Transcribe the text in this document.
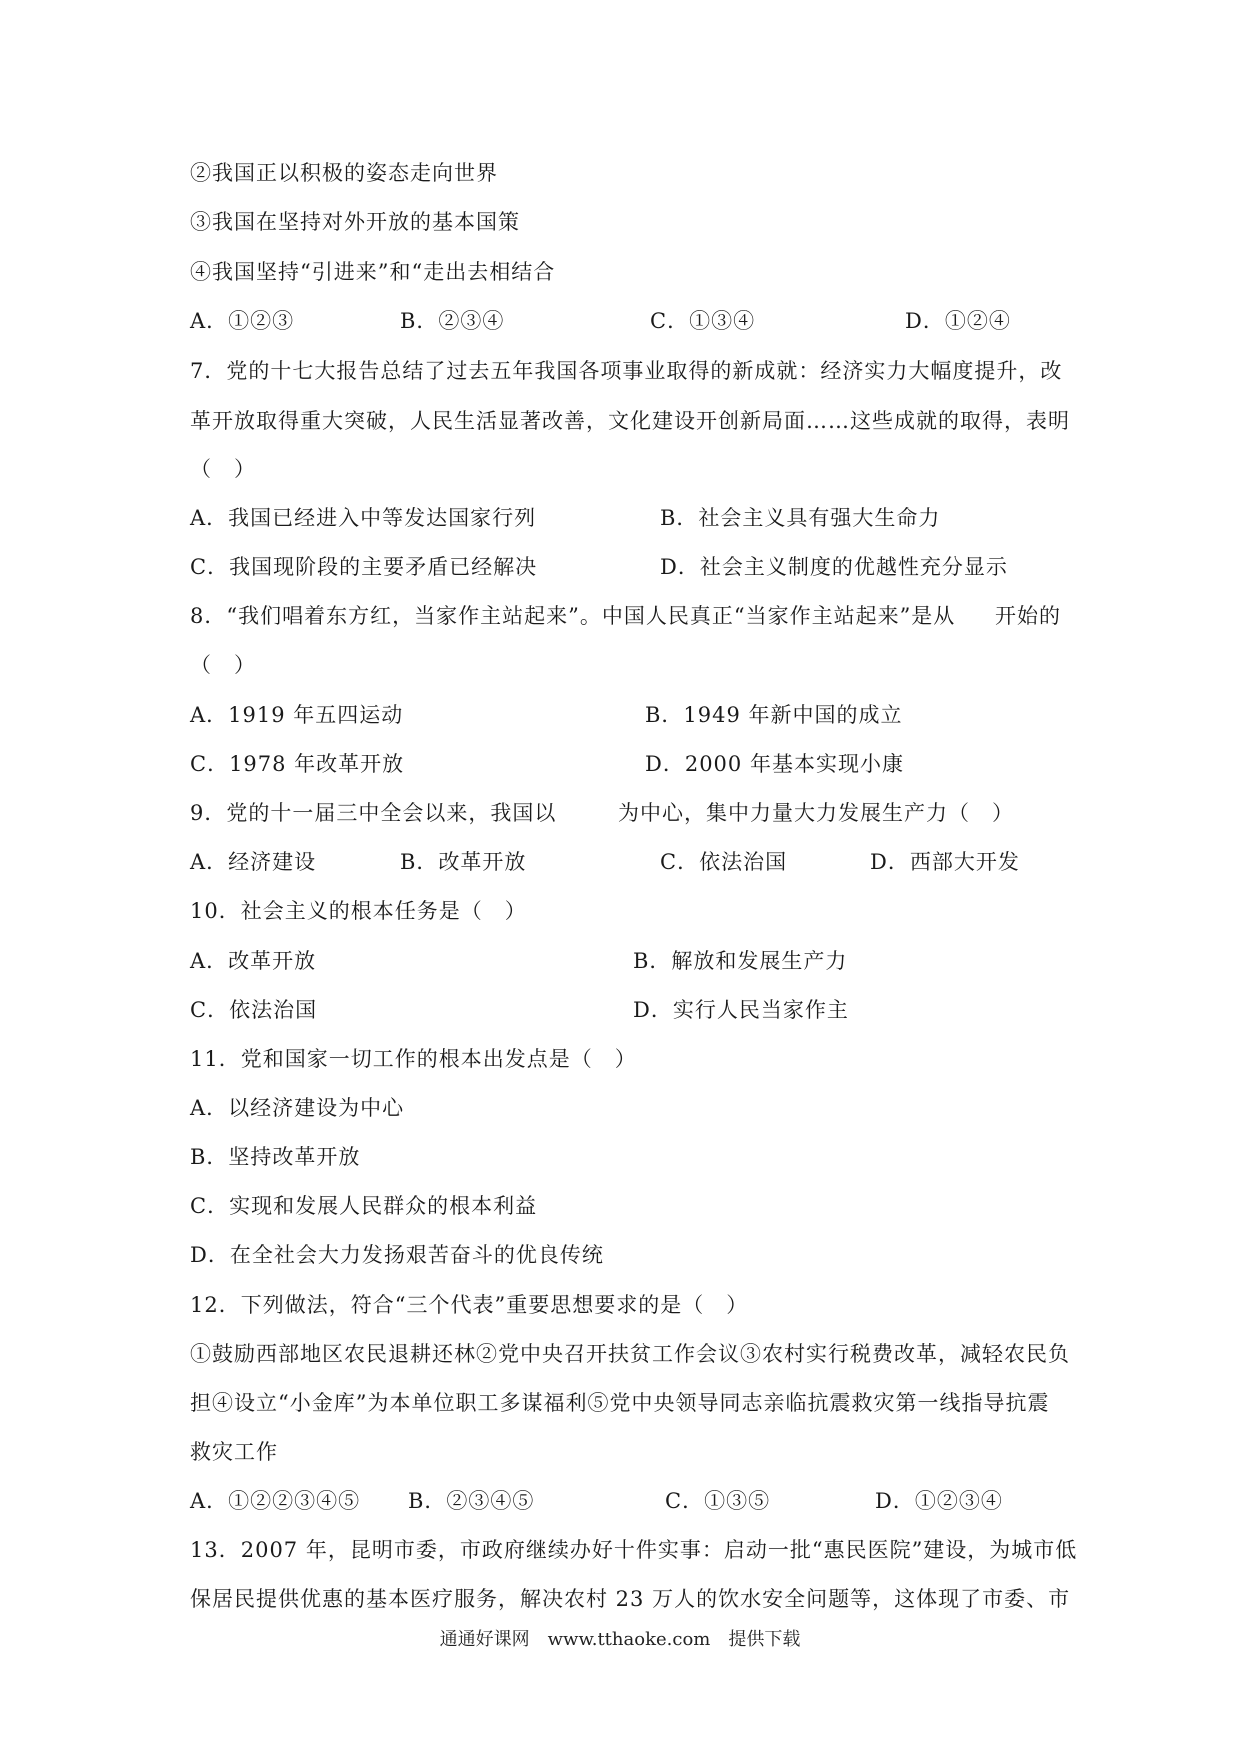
②我国正以积极的姿态走向世界
③我国在坚持对外开放的基本国策
④我国坚持“引进来”和“走出去相结合
A．①②③	B．②③④	C．①③④	D．①②④
7．党的十七大报告总结了过去五年我国各项事业取得的新成就：经济实力大幅度提升，改
革开放取得重大突破，人民生活显著改善，文化建设开创新局面……这些成就的取得，表明
（　）
A．我国已经进入中等发达国家行列	B．社会主义具有强大生命力
C．我国现阶段的主要矛盾已经解决	D．社会主义制度的优越性充分显示
8．“我们唱着东方红，当家作主站起来”。中国人民真正“当家作主站起来”是从 开始的
（　）
A．1919 年五四运动	B．1949 年新中国的成立
C．1978 年改革开放	D．2000 年基本实现小康
9．党的十一届三中全会以来，我国以	为中心，集中力量大力发展生产力（　）
A．经济建设	B．改革开放	C．依法治国	D．西部大开发
10．社会主义的根本任务是（　）
A．改革开放	B．解放和发展生产力
C．依法治国	D．实行人民当家作主
11．党和国家一切工作的根本出发点是（　）
A．以经济建设为中心
B．坚持改革开放
C．实现和发展人民群众的根本利益
D．在全社会大力发扬艰苦奋斗的优良传统
12．下列做法，符合“三个代表”重要思想要求的是（　）
①鼓励西部地区农民退耕还林②党中央召开扶贫工作会议③农村实行税费改革，减轻农民负
担④设立“小金库”为本单位职工多谋福利⑤党中央领导同志亲临抗震救灾第一线指导抗震
救灾工作
A．①②②③④⑤ B．②③④⑤	C．①③⑤	D．①②③④
13．2007 年，昆明市委，市政府继续办好十件实事：启动一批“惠民医院”建设，为城市低
保居民提供优惠的基本医疗服务，解决农村 23 万人的饮水安全问题等，这体现了市委、市
通通好课网　www.tthaoke.com　提供下载
